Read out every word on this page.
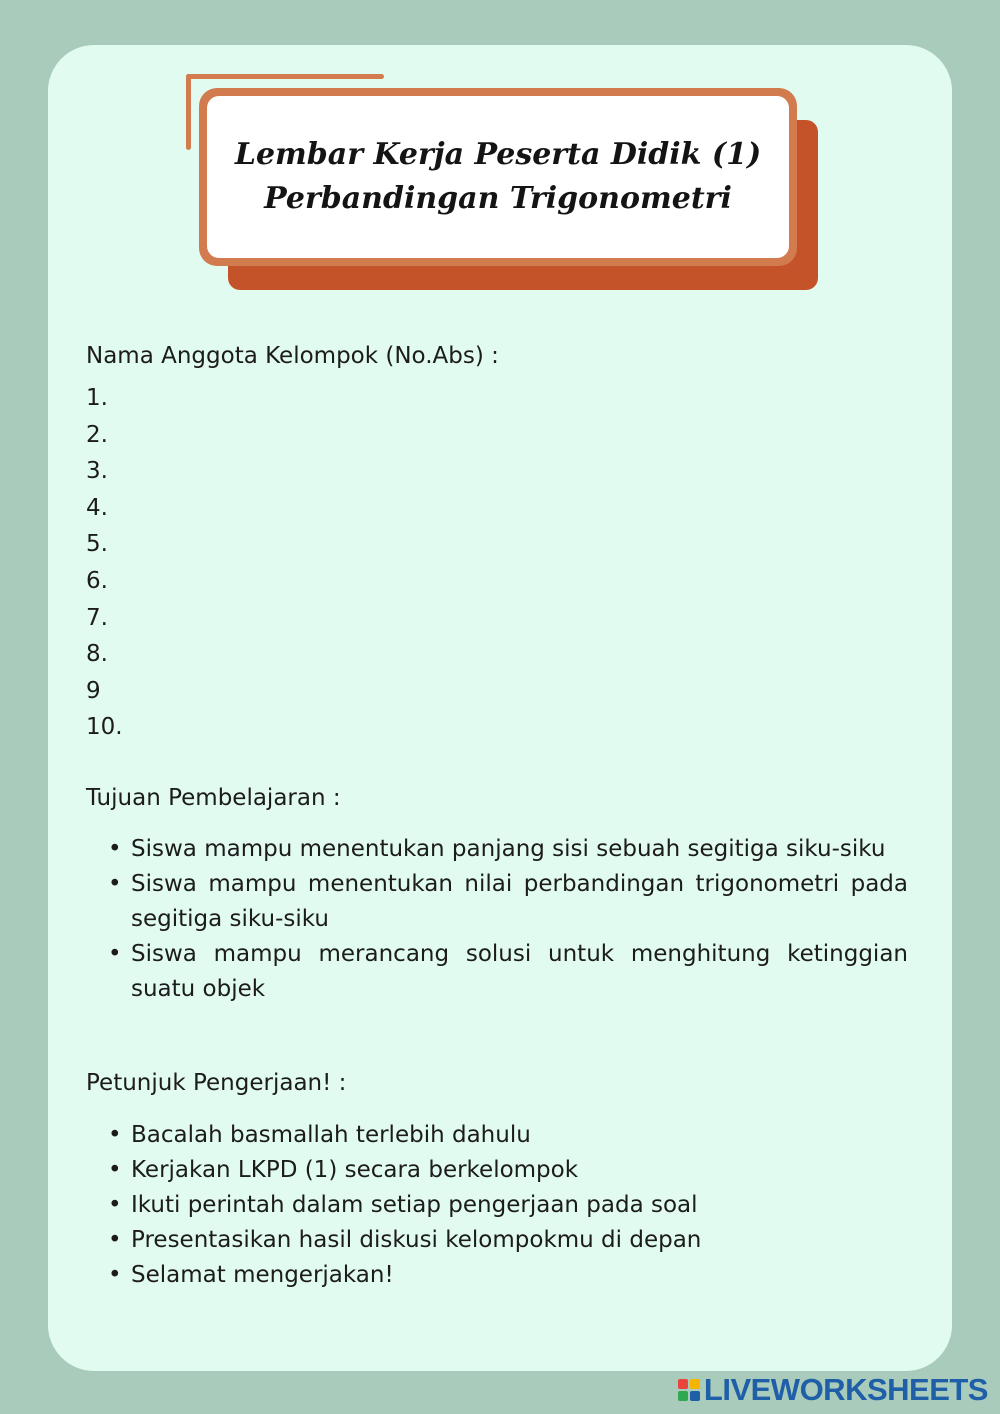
Lembar Kerja Peserta Didik (1)
Perbandingan Trigonometri
Nama Anggota Kelompok (No.Abs) :
1.
2.
3.
4.
5.
6.
7.
8.
9
10.
Tujuan Pembelajaran :
• Siswa mampu menentukan panjang sisi sebuah segitiga siku-siku
• Siswa mampu menentukan nilai perbandingan trigonometri pada segitiga siku-siku
• Siswa mampu merancang solusi untuk menghitung ketinggian suatu objek
Petunjuk Pengerjaan! :
• Bacalah basmallah terlebih dahulu
• Kerjakan LKPD (1) secara berkelompok
• Ikuti perintah dalam setiap pengerjaan pada soal
• Presentasikan hasil diskusi kelompokmu di depan
• Selamat mengerjakan!
LIVEWORKSHEETS
